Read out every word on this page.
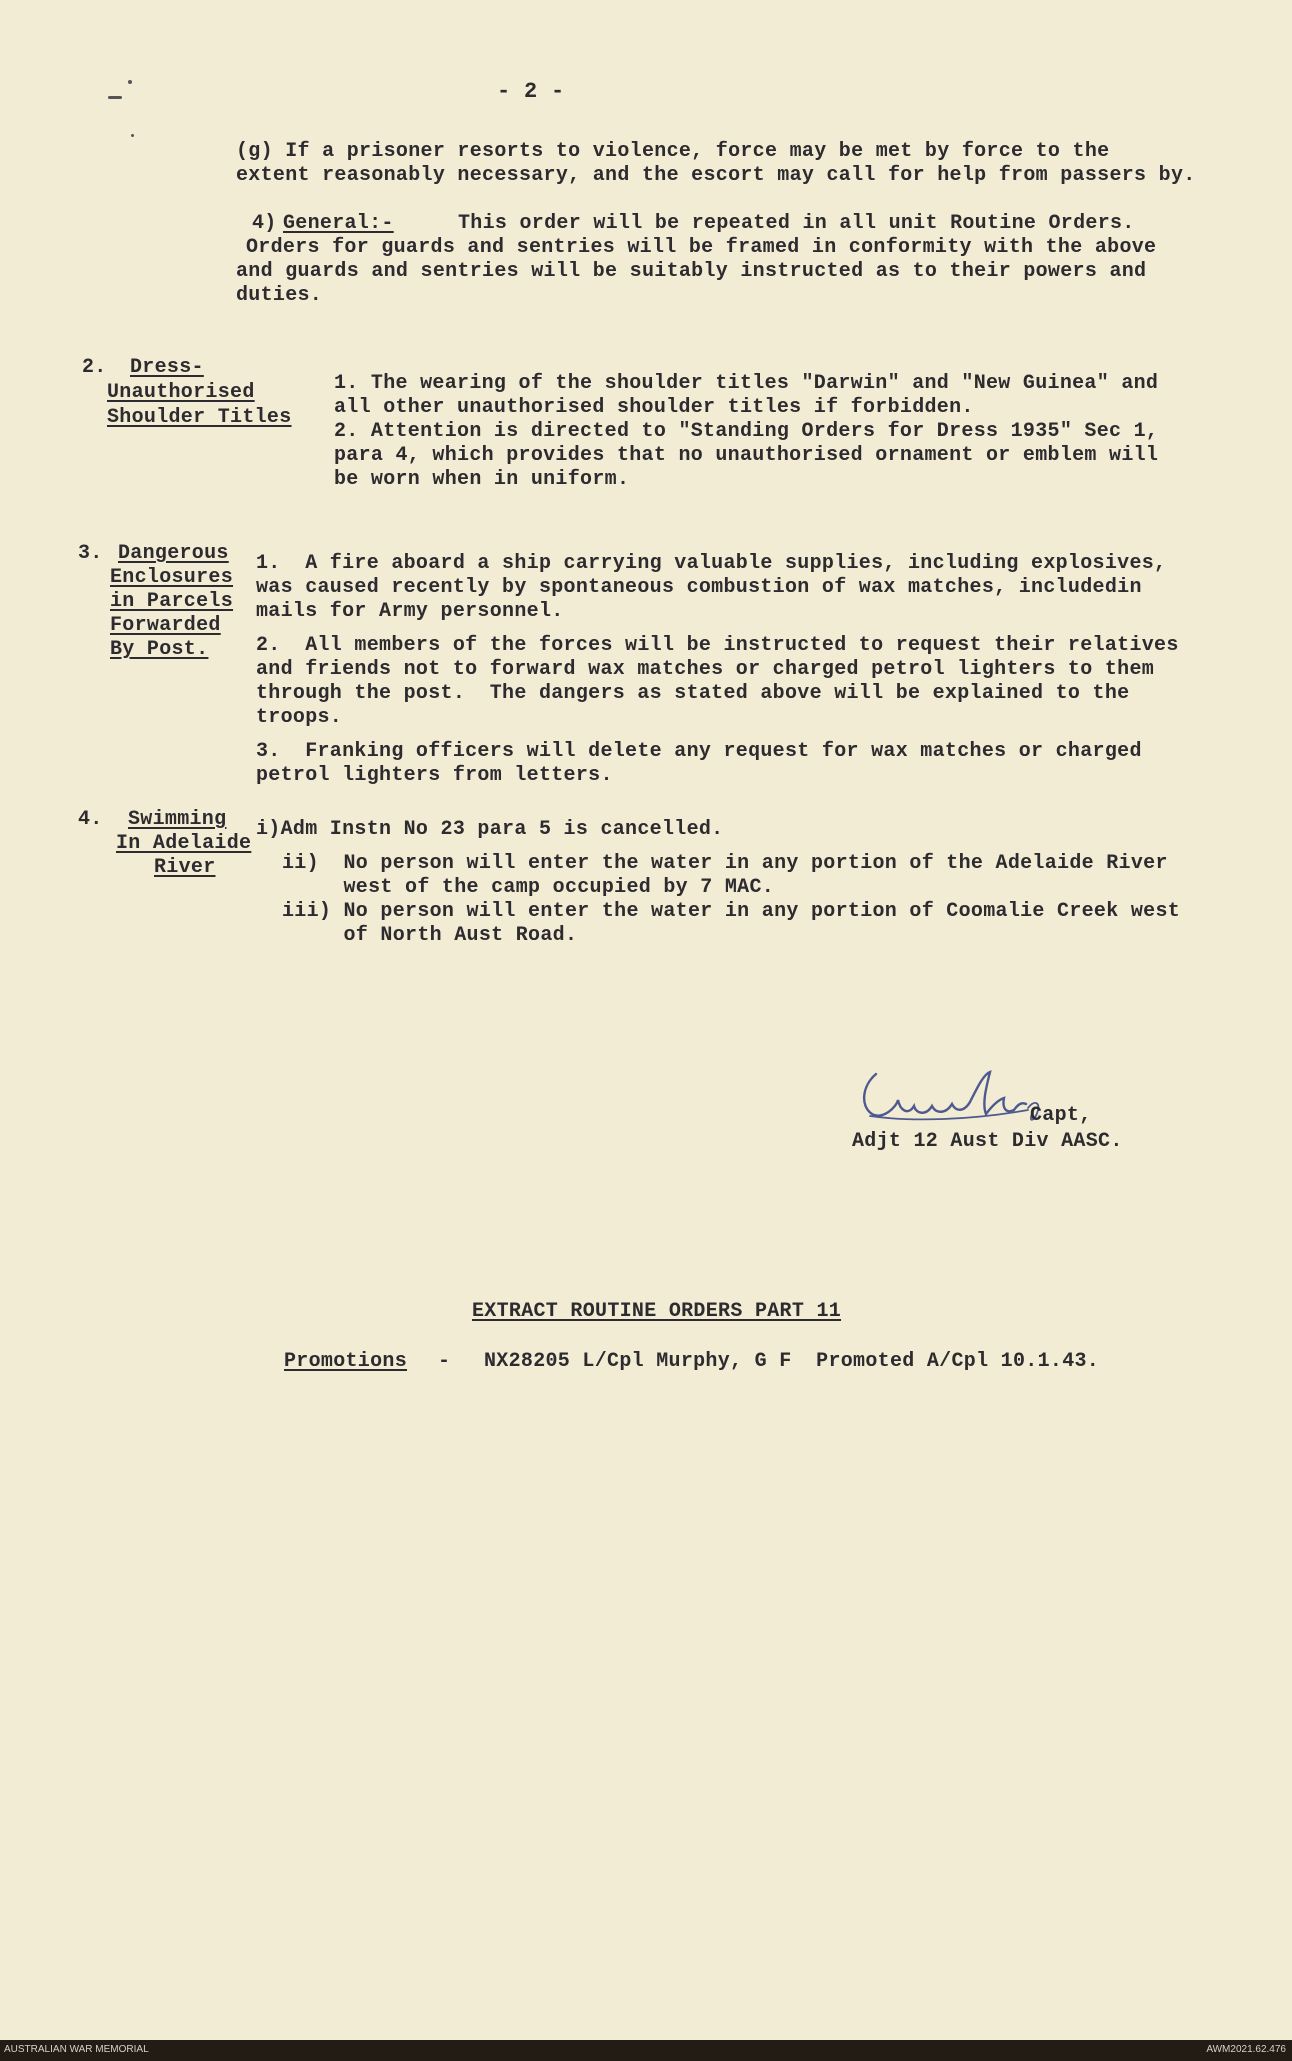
- 2 -
(g) If a prisoner resorts to violence, force may be met by force to the
extent reasonably necessary, and the escort may call for help from passers by.
4) General:-	This order will be repeated in all unit Routine Orders.
Orders for guards and sentries will be framed in conformity with the above
and guards and sentries will be suitably instructed as to their powers and
duties.
2. Dress-
Unauthorised
Shoulder Titles
1. The wearing of the shoulder titles "Darwin" and "New Guinea" and
all other unauthorised shoulder titles if forbidden.
2. Attention is directed to "Standing Orders for Dress 1935" Sec 1,
para 4, which provides that no unauthorised ornament or emblem will
be worn when in uniform.
3. Dangerous
Enclosures
in Parcels
Forwarded
By Post.
1.  A fire aboard a ship carrying valuable supplies, including explosives,
was caused recently by spontaneous combustion of wax matches, includedin
mails for Army personnel.
2.  All members of the forces will be instructed to request their relatives
and friends not to forward wax matches or charged petrol lighters to them
through the post.  The dangers as stated above will be explained to the
troops.
3.  Franking officers will delete any request for wax matches or charged
petrol lighters from letters.
4. Swimming
In Adelaide
River
i)Adm Instn No 23 para 5 is cancelled.
ii)  No person will enter the water in any portion of the Adelaide River
west of the camp occupied by 7 MAC.
iii) No person will enter the water in any portion of Coomalie Creek west
of North Aust Road.
Capt,
Adjt 12 Aust Div AASC.
EXTRACT ROUTINE ORDERS PART 11
Promotions - NX28205 L/Cpl Murphy, G F  Promoted A/Cpl 10.1.43.
AUSTRALIAN WAR MEMORIAL	AWM2021.62.476
